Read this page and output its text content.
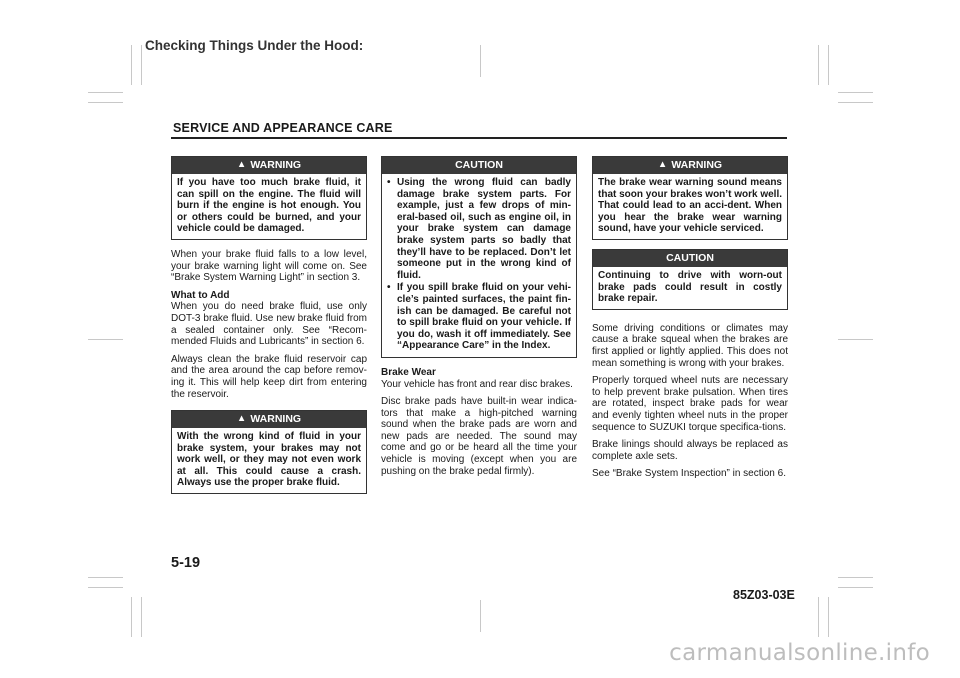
Checking Things Under the Hood:
SERVICE AND APPEARANCE CARE
▲ WARNING
If you have too much brake fluid, it can spill on the engine. The fluid will burn if the engine is hot enough. You or others could be burned, and your vehicle could be damaged.

When your brake fluid falls to a low level, your brake warning light will come on. See “Brake System Warning Light” in section 3.

What to Add

When you do need brake fluid, use only DOT-3 brake fluid. Use new brake fluid from a sealed container only. See “Recom-mended Fluids and Lubricants” in section 6.

Always clean the brake fluid reservoir cap and the area around the cap before remov-ing it. This will help keep dirt from entering the reservoir.

▲ WARNING
With the wrong kind of fluid in your brake system, your brakes may not work well, or they may not even work at all. This could cause a crash. Always use the proper brake fluid.
CAUTION
• Using the wrong fluid can badly damage brake system parts. For example, just a few drops of min-eral-based oil, such as engine oil, in your brake system can damage brake system parts so badly that they’ll have to be replaced. Don’t let someone put in the wrong kind of fluid.
• If you spill brake fluid on your vehi-cle’s painted surfaces, the paint fin-ish can be damaged. Be careful not to spill brake fluid on your vehicle. If you do, wash it off immediately. See “Appearance Care” in the Index.

Brake Wear

Your vehicle has front and rear disc brakes.

Disc brake pads have built-in wear indica-tors that make a high-pitched warning sound when the brake pads are worn and new pads are needed. The sound may come and go or be heard all the time your vehicle is moving (except when you are pushing on the brake pedal firmly).

▲ WARNING
The brake wear warning sound means that soon your brakes won’t work well. That could lead to an acci-dent. When you hear the brake wear warning sound, have your vehicle serviced.
CAUTION
Continuing to drive with worn-out brake pads could result in costly brake repair.

Some driving conditions or climates may cause a brake squeal when the brakes are first applied or lightly applied. This does not mean something is wrong with your brakes.

Properly torqued wheel nuts are necessary to help prevent brake pulsation. When tires are rotated, inspect brake pads for wear and evenly tighten wheel nuts in the proper sequence to SUZUKI torque specifica-tions.

Brake linings should always be replaced as complete axle sets.

See “Brake System Inspection” in section 6.

5-19
85Z03-03E
carmanualsonline.info
